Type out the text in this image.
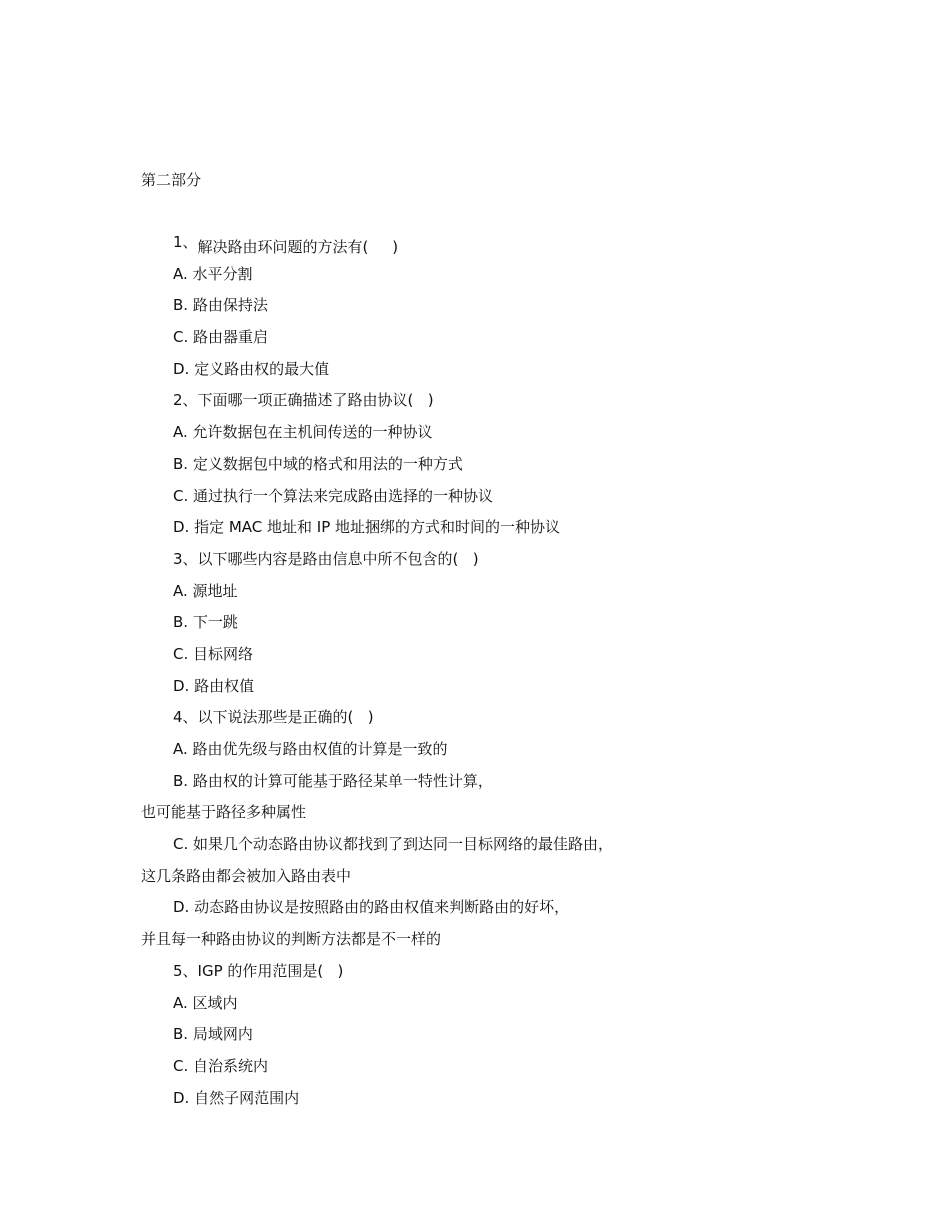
第二部分
1、解决路由环问题的方法有(     )
A. 水平分割
B. 路由保持法
C. 路由器重启
D. 定义路由权的最大值
2、下面哪一项正确描述了路由协议(   )
A. 允许数据包在主机间传送的一种协议
B. 定义数据包中域的格式和用法的一种方式
C. 通过执行一个算法来完成路由选择的一种协议
D. 指定 MAC 地址和 IP 地址捆绑的方式和时间的一种协议
3、以下哪些内容是路由信息中所不包含的(   )
A. 源地址
B. 下一跳
C. 目标网络
D. 路由权值
4、以下说法那些是正确的(   )
A. 路由优先级与路由权值的计算是一致的
B. 路由权的计算可能基于路径某单一特性计算，
也可能基于路径多种属性
C. 如果几个动态路由协议都找到了到达同一目标网络的最佳路由，
这几条路由都会被加入路由表中
D. 动态路由协议是按照路由的路由权值来判断路由的好坏，
并且每一种路由协议的判断方法都是不一样的
5、IGP 的作用范围是(   )
A. 区域内
B. 局域网内
C. 自治系统内
D. 自然子网范围内
